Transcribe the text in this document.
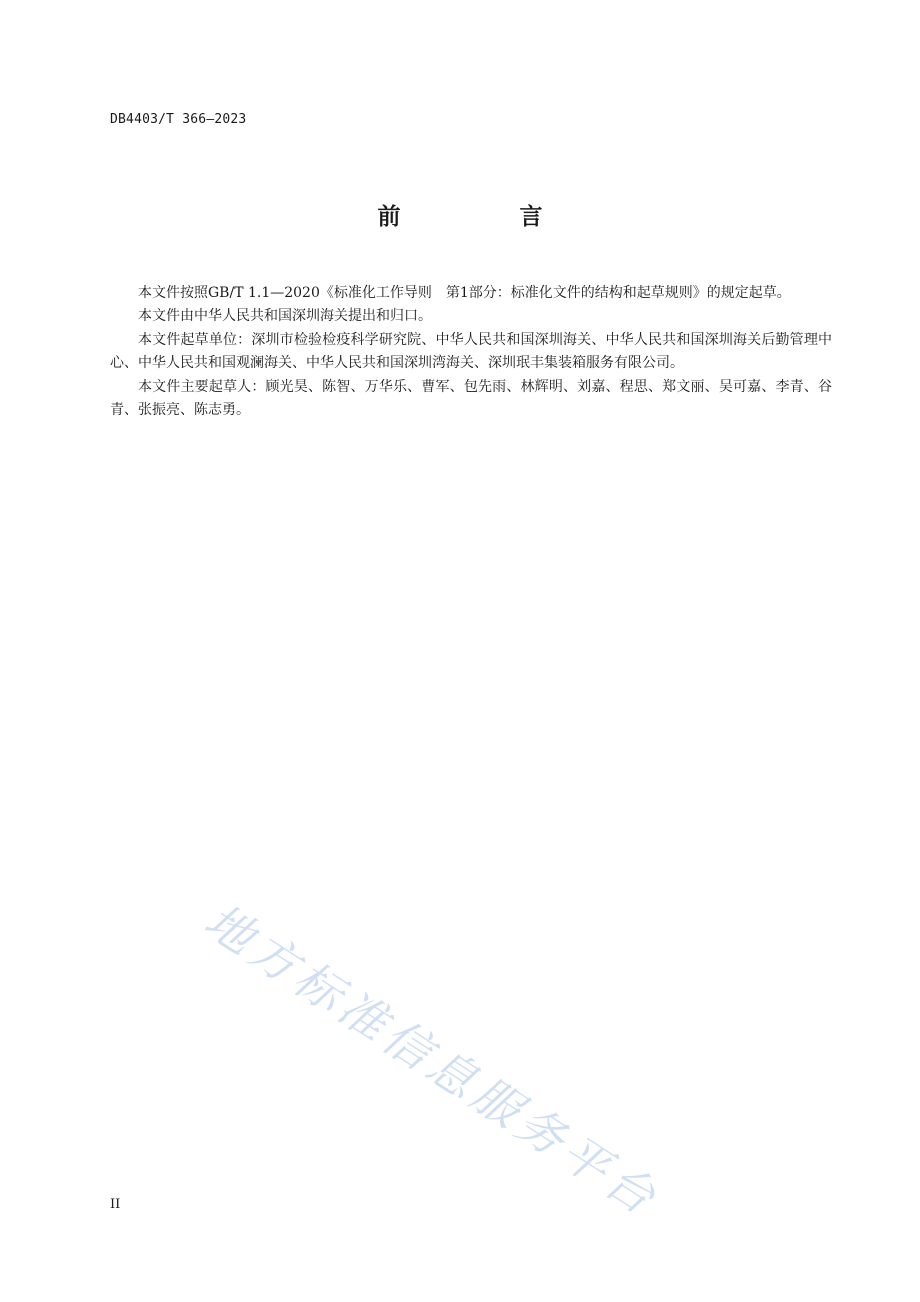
DB4403/T 366—2023
前　言

本文件按照GB/T 1.1—2020《标准化工作导则　第1部分：标准化文件的结构和起草规则》的规定起草。

本文件由中华人民共和国深圳海关提出和归口。

本文件起草单位：深圳市检验检疫科学研究院、中华人民共和国深圳海关、中华人民共和国深圳海关后勤管理中心、中华人民共和国观澜海关、中华人民共和国深圳湾海关、深圳珉丰集装箱服务有限公司。

本文件主要起草人：顾光昊、陈智、万华乐、曹军、包先雨、林辉明、刘嘉、程思、郑文丽、吴可嘉、李青、谷青、张振亮、陈志勇。

地方标准信息服务平台
II
